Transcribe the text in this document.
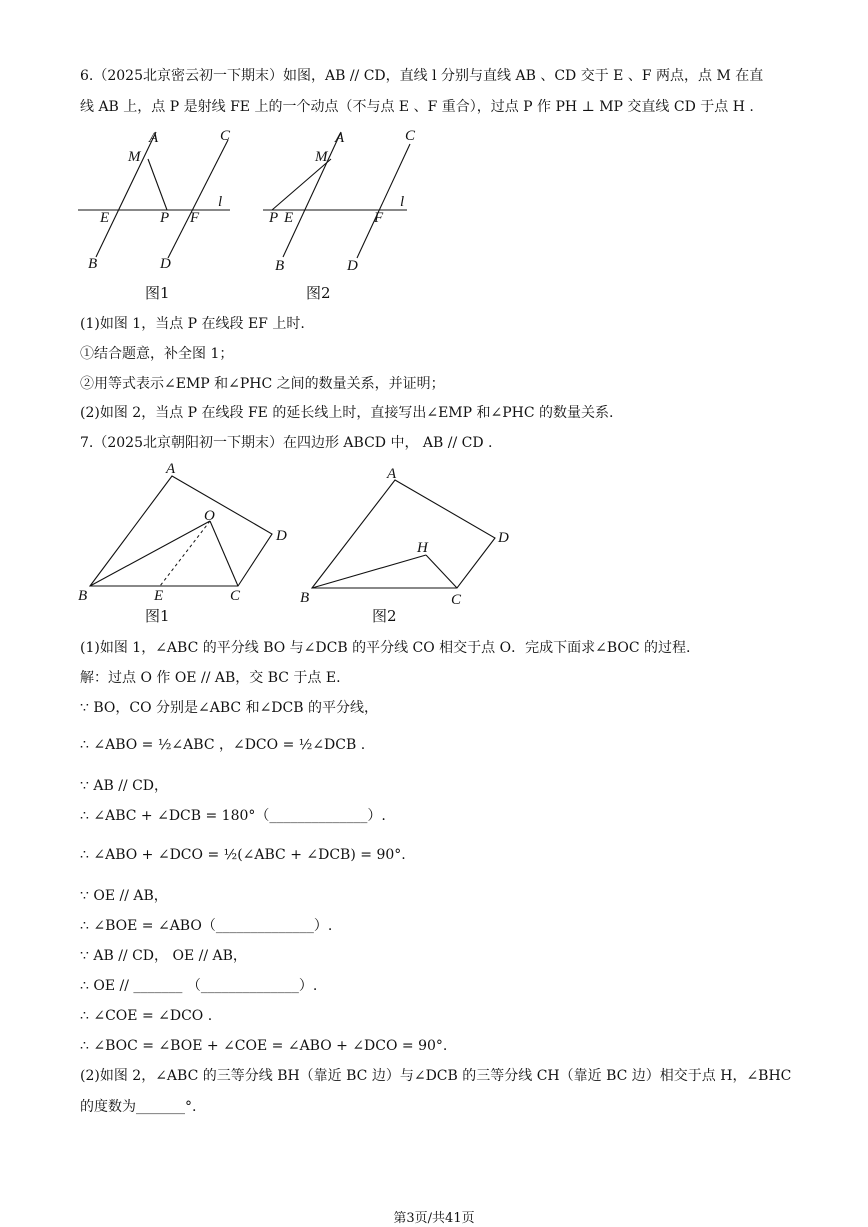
6.（2025北京密云初一下期末）如图，AB // CD，直线 l 分别与直线 AB 、CD 交于 E 、F 两点，点 M 在直
线 AB 上，点 P 是射线 FE 上的一个动点（不与点 E 、F 重合），过点 P 作 PH ⊥ MP 交直线 CD 于点 H .
A
M
C
E	P F
l
B	D
图1
A
M
C
P E	F
l
B	D
图2
(1)如图 1，当点 P 在线段 EF 上时.
①结合题意，补全图 1；
②用等式表示∠EMP 和∠PHC 之间的数量关系，并证明；
(2)如图 2，当点 P 在线段 FE 的延长线上时，直接写出∠EMP 和∠PHC 的数量关系.
7.（2025北京朝阳初一下期末）在四边形 ABCD 中， AB // CD .
A
O
D
B	E	C
图1
A
H
D
B	C
图2
(1)如图 1，∠ABC 的平分线 BO 与∠DCB 的平分线 CO 相交于点 O．完成下面求∠BOC 的过程.
解：过点 O 作 OE // AB，交 BC 于点 E.
∵ BO，CO 分别是∠ABC 和∠DCB 的平分线，
∴ ∠ABO = ½∠ABC ，∠DCO = ½∠DCB .
∵ AB // CD，
∴ ∠ABC + ∠DCB = 180°（______________）.
∴ ∠ABO + ∠DCO = ½(∠ABC + ∠DCB) = 90°.
∵ OE // AB，
∴ ∠BOE = ∠ABO（______________）.
∵ AB // CD， OE // AB，
∴ OE // _______ （______________）.
∴ ∠COE = ∠DCO .
∴ ∠BOC = ∠BOE + ∠COE = ∠ABO + ∠DCO = 90°.
(2)如图 2，∠ABC 的三等分线 BH（靠近 BC 边）与∠DCB 的三等分线 CH（靠近 BC 边）相交于点 H，∠BHC
的度数为_______°.
第3页/共41页
